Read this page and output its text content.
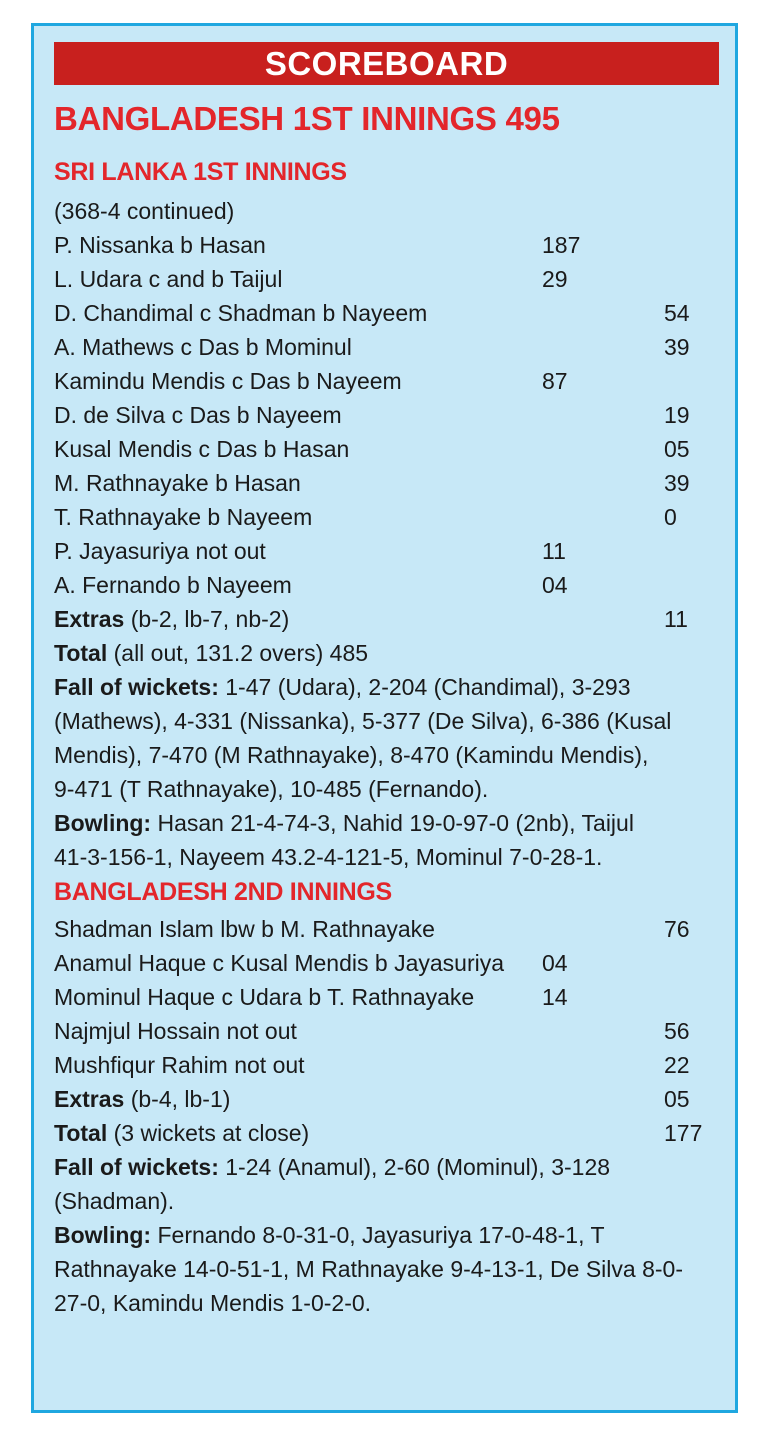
SCOREBOARD
BANGLADESH 1ST INNINGS 495
SRI LANKA 1ST INNINGS
(368-4 continued)
P. Nissanka b Hasan	187
L. Udara c and b Taijul	29
D. Chandimal c Shadman b Nayeem	54
A. Mathews c Das b Mominul	39
Kamindu Mendis c Das b Nayeem	87
D. de Silva c Das b Nayeem	19
Kusal Mendis c Das b Hasan	05
M. Rathnayake b Hasan	39
T. Rathnayake b Nayeem	0
P. Jayasuriya not out	11
A. Fernando b Nayeem	04
Extras (b-2, lb-7, nb-2)	11
Total (all out, 131.2 overs) 485
Fall of wickets: 1-47 (Udara), 2-204 (Chandimal), 3-293
(Mathews), 4-331 (Nissanka), 5-377 (De Silva), 6-386 (Kusal
Mendis), 7-470 (M Rathnayake), 8-470 (Kamindu Mendis),
9-471 (T Rathnayake), 10-485 (Fernando).
Bowling: Hasan 21-4-74-3, Nahid 19-0-97-0 (2nb), Taijul
41-3-156-1, Nayeem 43.2-4-121-5, Mominul 7-0-28-1.
BANGLADESH 2ND INNINGS
Shadman Islam lbw b M. Rathnayake	76
Anamul Haque c Kusal Mendis b Jayasuriya 04
Mominul Haque c Udara b T. Rathnayake	14
Najmjul Hossain not out	56
Mushfiqur Rahim not out	22
Extras (b-4, lb-1)	05
Total (3 wickets at close)	177
Fall of wickets: 1-24 (Anamul), 2-60 (Mominul), 3-128
(Shadman).
Bowling: Fernando 8-0-31-0, Jayasuriya 17-0-48-1, T
Rathnayake 14-0-51-1, M Rathnayake 9-4-13-1, De Silva 8-0-
27-0, Kamindu Mendis 1-0-2-0.
